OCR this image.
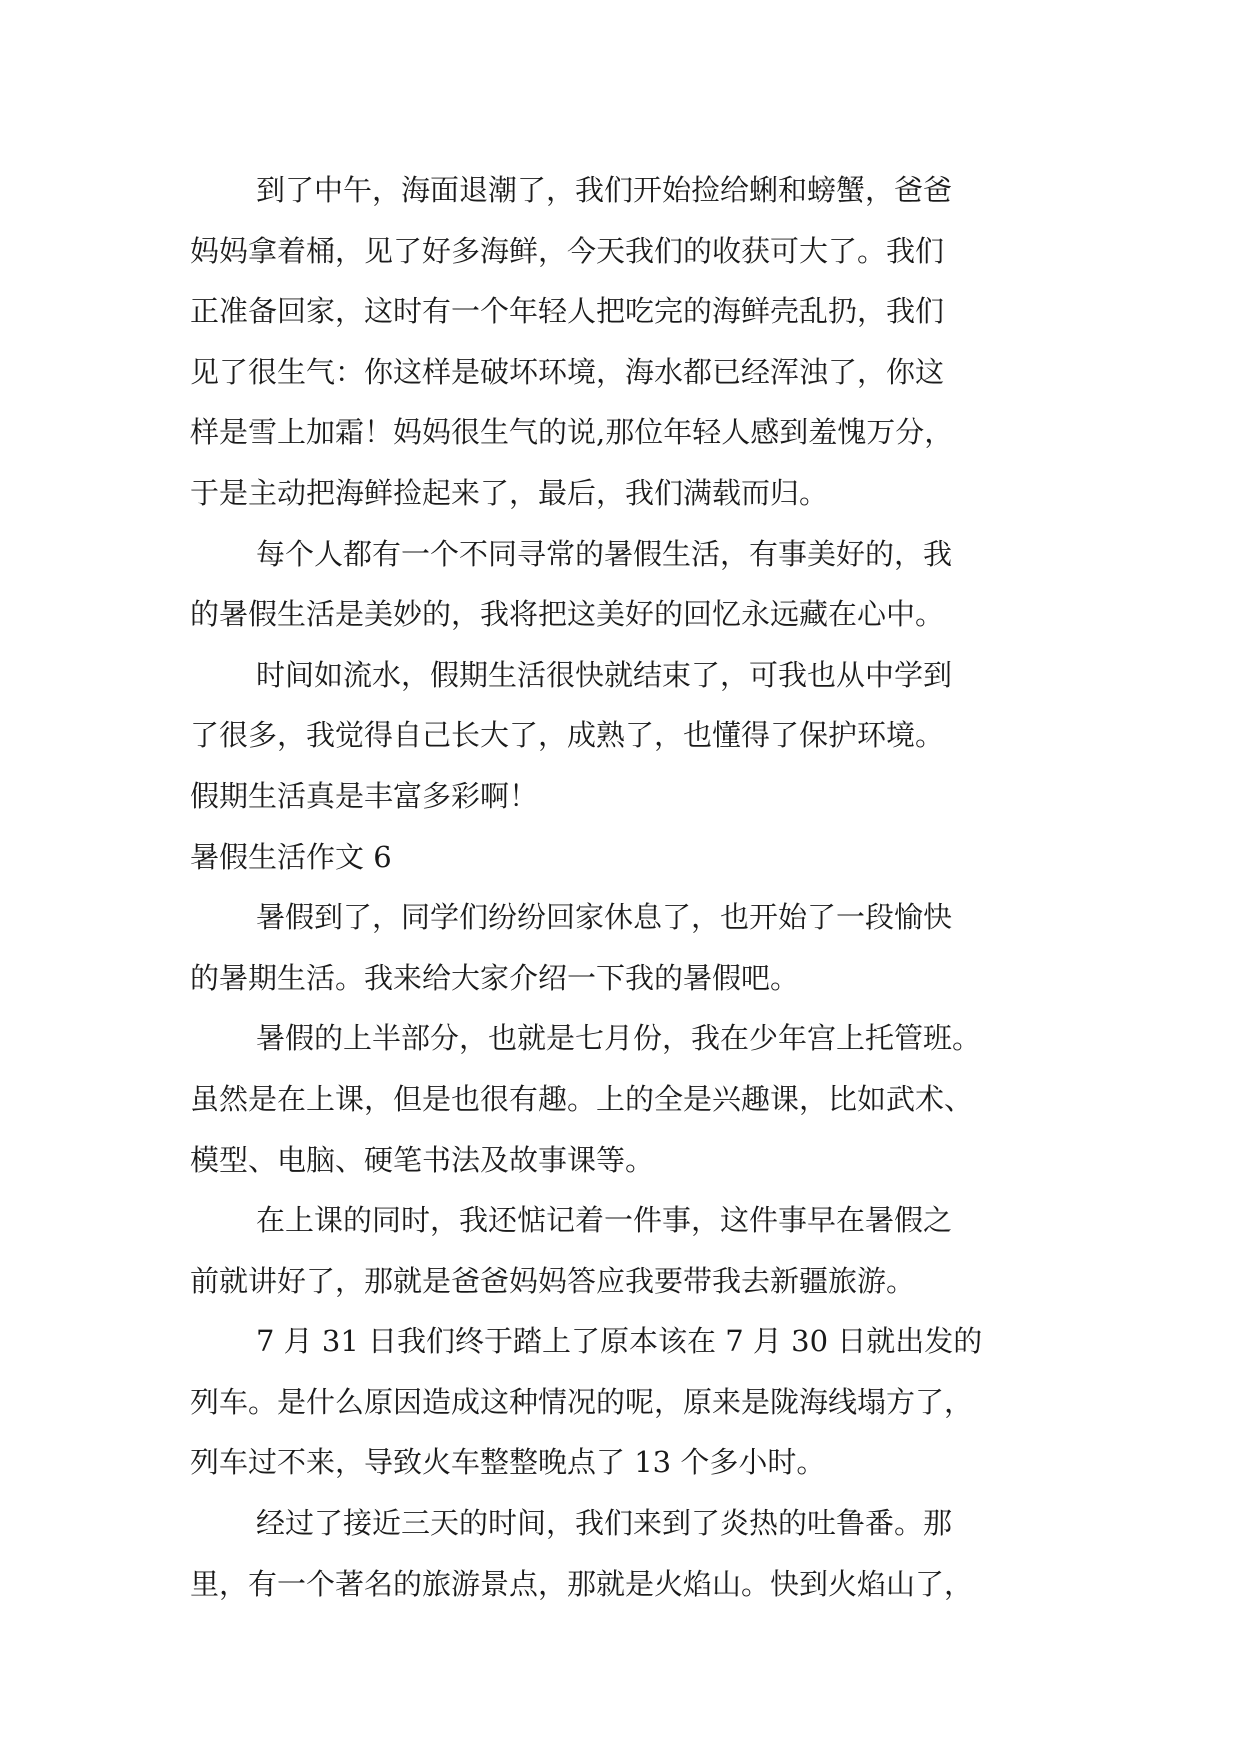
到了中午，海面退潮了，我们开始捡给蜊和螃蟹，爸爸
妈妈拿着桶，见了好多海鲜，今天我们的收获可大了。我们
正准备回家，这时有一个年轻人把吃完的海鲜壳乱扔，我们
见了很生气：你这样是破坏环境，海水都已经浑浊了，你这
样是雪上加霜！妈妈很生气的说,那位年轻人感到羞愧万分，
于是主动把海鲜捡起来了，最后，我们满载而归。
每个人都有一个不同寻常的暑假生活，有事美好的，我
的暑假生活是美妙的，我将把这美好的回忆永远藏在心中。
时间如流水，假期生活很快就结束了，可我也从中学到
了很多，我觉得自己长大了，成熟了，也懂得了保护环境。
假期生活真是丰富多彩啊！
暑假生活作文 6
暑假到了，同学们纷纷回家休息了，也开始了一段愉快
的暑期生活。我来给大家介绍一下我的暑假吧。
暑假的上半部分，也就是七月份，我在少年宫上托管班。
虽然是在上课，但是也很有趣。上的全是兴趣课，比如武术、
模型、电脑、硬笔书法及故事课等。
在上课的同时，我还惦记着一件事，这件事早在暑假之
前就讲好了，那就是爸爸妈妈答应我要带我去新疆旅游。
7 月 31 日我们终于踏上了原本该在 7 月 30 日就出发的
列车。是什么原因造成这种情况的呢，原来是陇海线塌方了，
列车过不来，导致火车整整晚点了 13 个多小时。
经过了接近三天的时间，我们来到了炎热的吐鲁番。那
里，有一个著名的旅游景点，那就是火焰山。快到火焰山了，
